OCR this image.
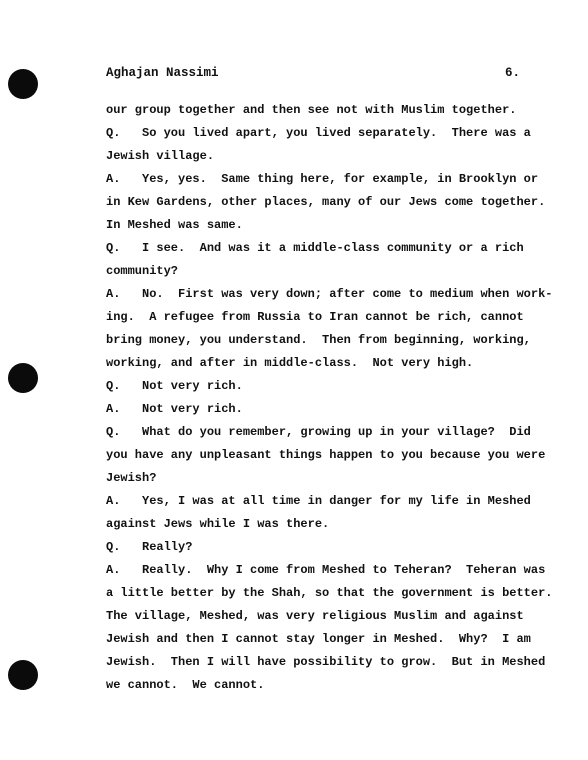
Aghajan Nassimi	6.
our group together and then see not with Muslim together.
Q.   So you lived apart, you lived separately.  There was a
Jewish village.
A.   Yes, yes.  Same thing here, for example, in Brooklyn or
in Kew Gardens, other places, many of our Jews come together.
In Meshed was same.
Q.   I see.  And was it a middle-class community or a rich
community?
A.   No.  First was very down; after come to medium when work-
ing.  A refugee from Russia to Iran cannot be rich, cannot
bring money, you understand.  Then from beginning, working,
working, and after in middle-class.  Not very high.
Q.   Not very rich.
A.   Not very rich.
Q.   What do you remember, growing up in your village?  Did
you have any unpleasant things happen to you because you were
Jewish?
A.   Yes, I was at all time in danger for my life in Meshed
against Jews while I was there.
Q.   Really?
A.   Really.  Why I come from Meshed to Teheran?  Teheran was
a little better by the Shah, so that the government is better.
The village, Meshed, was very religious Muslim and against
Jewish and then I cannot stay longer in Meshed.  Why?  I am
Jewish.  Then I will have possibility to grow.  But in Meshed
we cannot.  We cannot.
